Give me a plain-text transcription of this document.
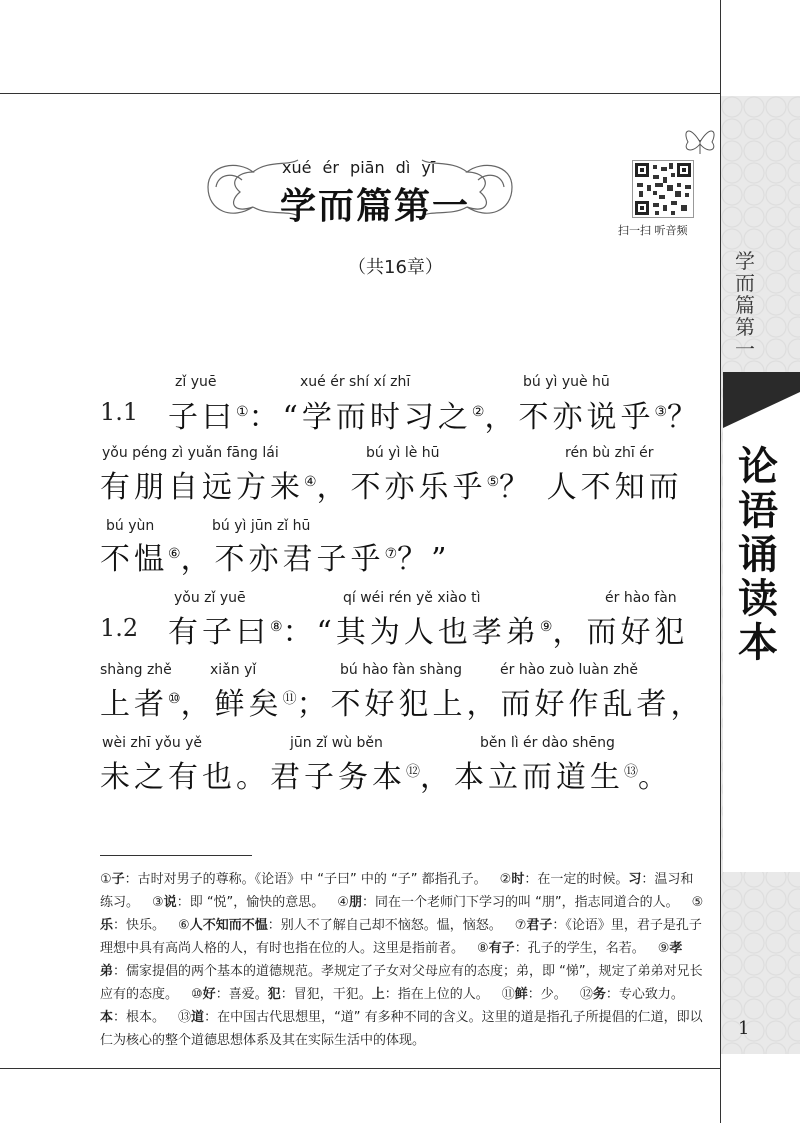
学
而
篇
第
一
论
语
诵
读
本
1
xué ér piān dì yī
学而篇第一
（共16章）
扫一扫 听音频
zǐ yuē	xué ér shí xí zhī	bú yì yuè hū
1.1 子曰①：“学而时习之②，不亦说乎③？
yǒu péng zì yuǎn fāng lái	bú yì lè hū	rén bù zhī ér
有朋自远方来④，不亦乐乎⑤？ 人不知而
bú yùn	bú yì jūn zǐ hū
不愠⑥，不亦君子乎⑦？”
yǒu zǐ yuē	qí wéi rén yě xiào tì	ér hào fàn
1.2 有子曰⑧：“其为人也孝弟⑨，而好犯
shàng zhě	xiǎn yǐ	bú hào fàn shàng	ér hào zuò luàn zhě
上者⑩，鲜矣⑪；不好犯上，而好作乱者，
wèi zhī yǒu yě	jūn zǐ wù běn	běn lì ér dào shēng
未之有也。君子务本⑫，本立而道生⑬。
①子：古时对男子的尊称。《论语》中 “子曰” 中的 “子” 都指孔子。  ②时：在一定的时候。习：温习和练习。  ③说：即 “悦”，愉快的意思。  ④朋：同在一个老师门下学习的叫 “朋”，指志同道合的人。  ⑤乐：快乐。  ⑥人不知而不愠：别人不了解自己却不恼怒。愠，恼怒。  ⑦君子：《论语》里，君子是孔子理想中具有高尚人格的人，有时也指在位的人。这里是指前者。  ⑧有子：孔子的学生，名若。  ⑨孝弟：儒家提倡的两个基本的道德规范。孝规定了子女对父母应有的态度；弟，即 “悌”，规定了弟弟对兄长应有的态度。  ⑩好：喜爱。犯：冒犯，干犯。上：指在上位的人。  ⑪鲜：少。  ⑫务：专心致力。本：根本。  ⑬道：在中国古代思想里，“道” 有多种不同的含义。这里的道是指孔子所提倡的仁道，即以仁为核心的整个道德思想体系及其在实际生活中的体现。
